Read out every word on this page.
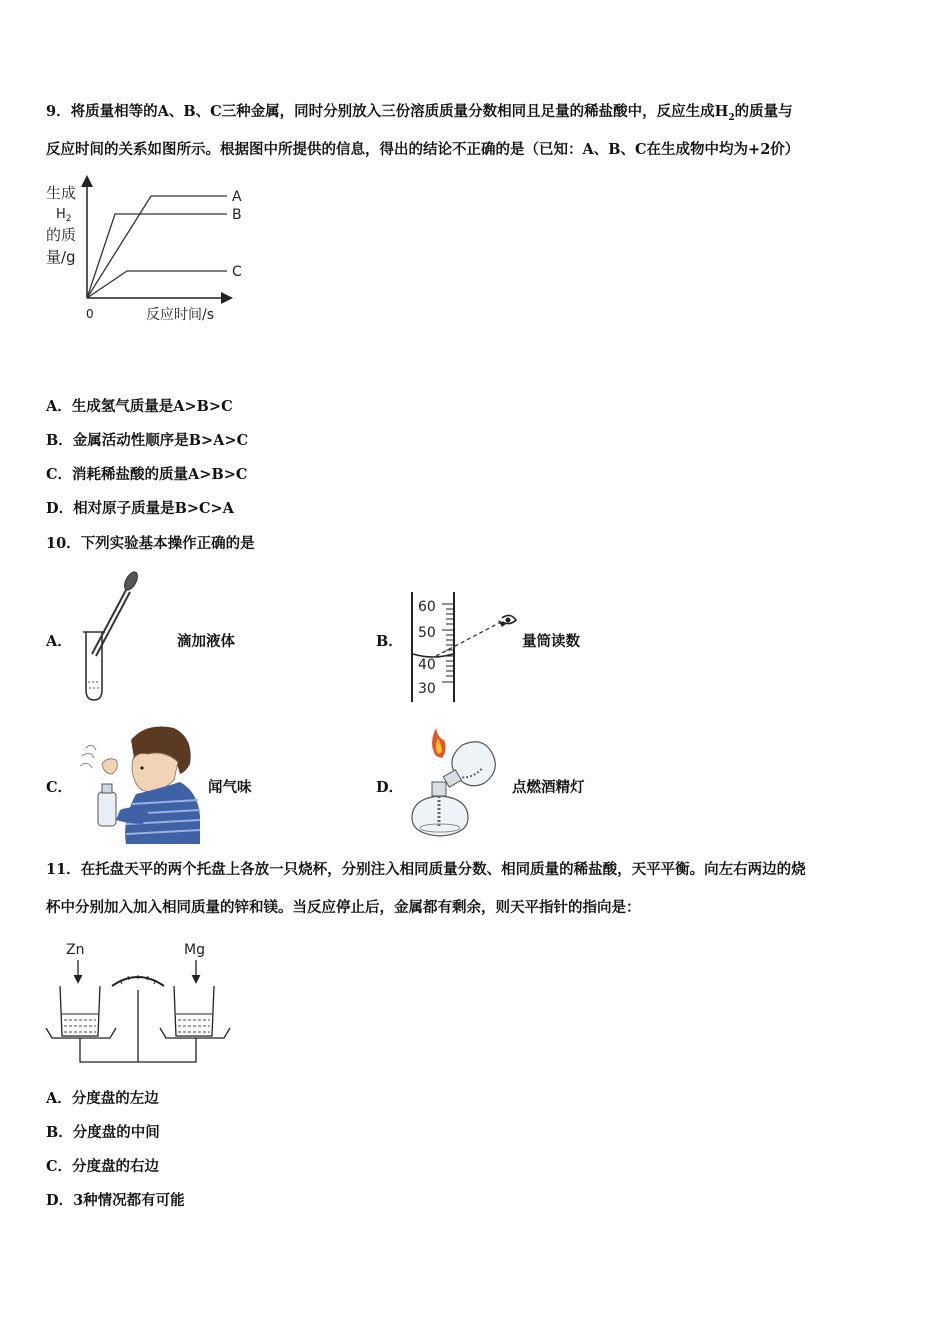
9．将质量相等的A、B、C三种金属，同时分别放入三份溶质质量分数相同且足量的稀盐酸中，反应生成$H_2$的质量与
反应时间的关系如图所示。根据图中所提供的信息，得出的结论不正确的是（已知：A、B、C在生成物中均为+2价）
A
B
C
生成
$H_2$
的质
量/g
0	反应时间/s
A．生成氢气质量是A>B>C
B．金属活动性顺序是B>A>C
C．消耗稀盐酸的质量A>B>C
D．相对原子质量是B>C>A
10．下列实验基本操作正确的是
A．	滴加液体	B．
60
50
40
30
量筒读数
C．	闻气味	D．	点燃酒精灯
11．在托盘天平的两个托盘上各放一只烧杯，分别注入相同质量分数、相同质量的稀盐酸，天平平衡。向左右两边的烧
杯中分别加入加入相同质量的锌和镁。当反应停止后，金属都有剩余，则天平指针的指向是：
Zn	Mg
A．分度盘的左边
B．分度盘的中间
C．分度盘的右边
D．3种情况都有可能
